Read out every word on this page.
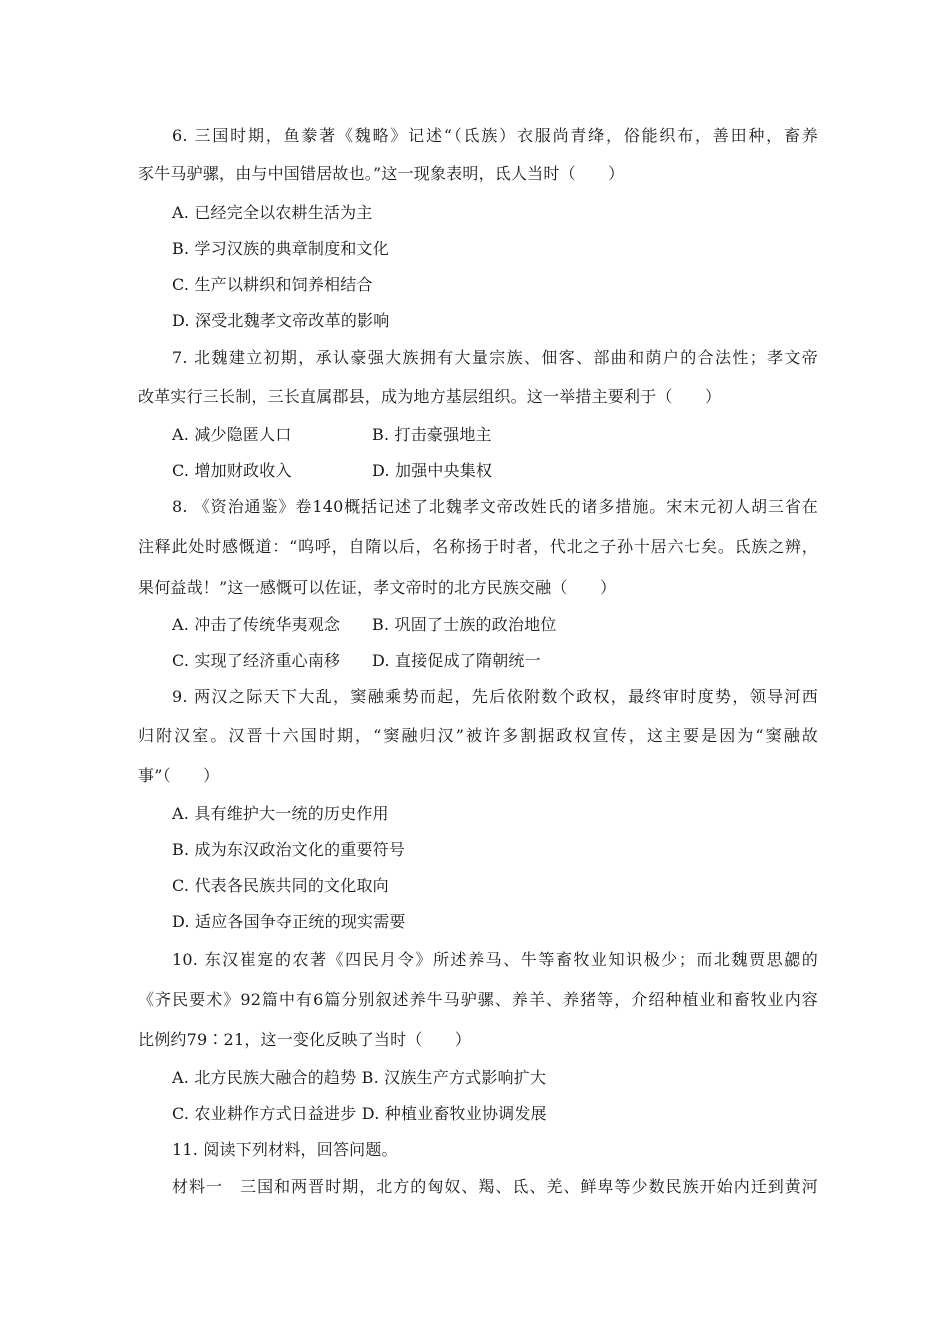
6. 三国时期，鱼豢著《魏略》记述“（氐族）衣服尚青绛，俗能织布，善田种，畜养
豕牛马驴骡，由与中国错居故也。”这一现象表明，氐人当时（　　）
A. 已经完全以农耕生活为主
B. 学习汉族的典章制度和文化
C. 生产以耕织和饲养相结合
D. 深受北魏孝文帝改革的影响
7. 北魏建立初期，承认豪强大族拥有大量宗族、佃客、部曲和荫户的合法性；孝文帝
改革实行三长制，三长直属郡县，成为地方基层组织。这一举措主要利于（　　）
A. 减少隐匿人口	B. 打击豪强地主
C. 增加财政收入	D. 加强中央集权
8. 《资治通鉴》卷140概括记述了北魏孝文帝改姓氏的诸多措施。宋末元初人胡三省在
注释此处时感慨道：“呜呼，自隋以后，名称扬于时者，代北之子孙十居六七矣。氐族之辨，
果何益哉！”这一感慨可以佐证，孝文帝时的北方民族交融（　　）
A. 冲击了传统华夷观念	B. 巩固了士族的政治地位
C. 实现了经济重心南移	D. 直接促成了隋朝统一
9. 两汉之际天下大乱，窦融乘势而起，先后依附数个政权，最终审时度势，领导河西
归附汉室。汉晋十六国时期，“窦融归汉”被许多割据政权宣传，这主要是因为“窦融故
事”（　　）
A. 具有维护大一统的历史作用
B. 成为东汉政治文化的重要符号
C. 代表各民族共同的文化取向
D. 适应各国争夺正统的现实需要
10. 东汉崔寔的农著《四民月令》所述养马、牛等畜牧业知识极少；而北魏贾思勰的
《齐民要术》92篇中有6篇分别叙述养牛马驴骡、养羊、养猪等，介绍种植业和畜牧业内容
比例约79∶21，这一变化反映了当时（　　）
A. 北方民族大融合的趋势 B. 汉族生产方式影响扩大
C. 农业耕作方式日益进步 D. 种植业畜牧业协调发展
11. 阅读下列材料，回答问题。
材料一　三国和两晋时期，北方的匈奴、羯、氐、羌、鲜卑等少数民族开始内迁到黄河
